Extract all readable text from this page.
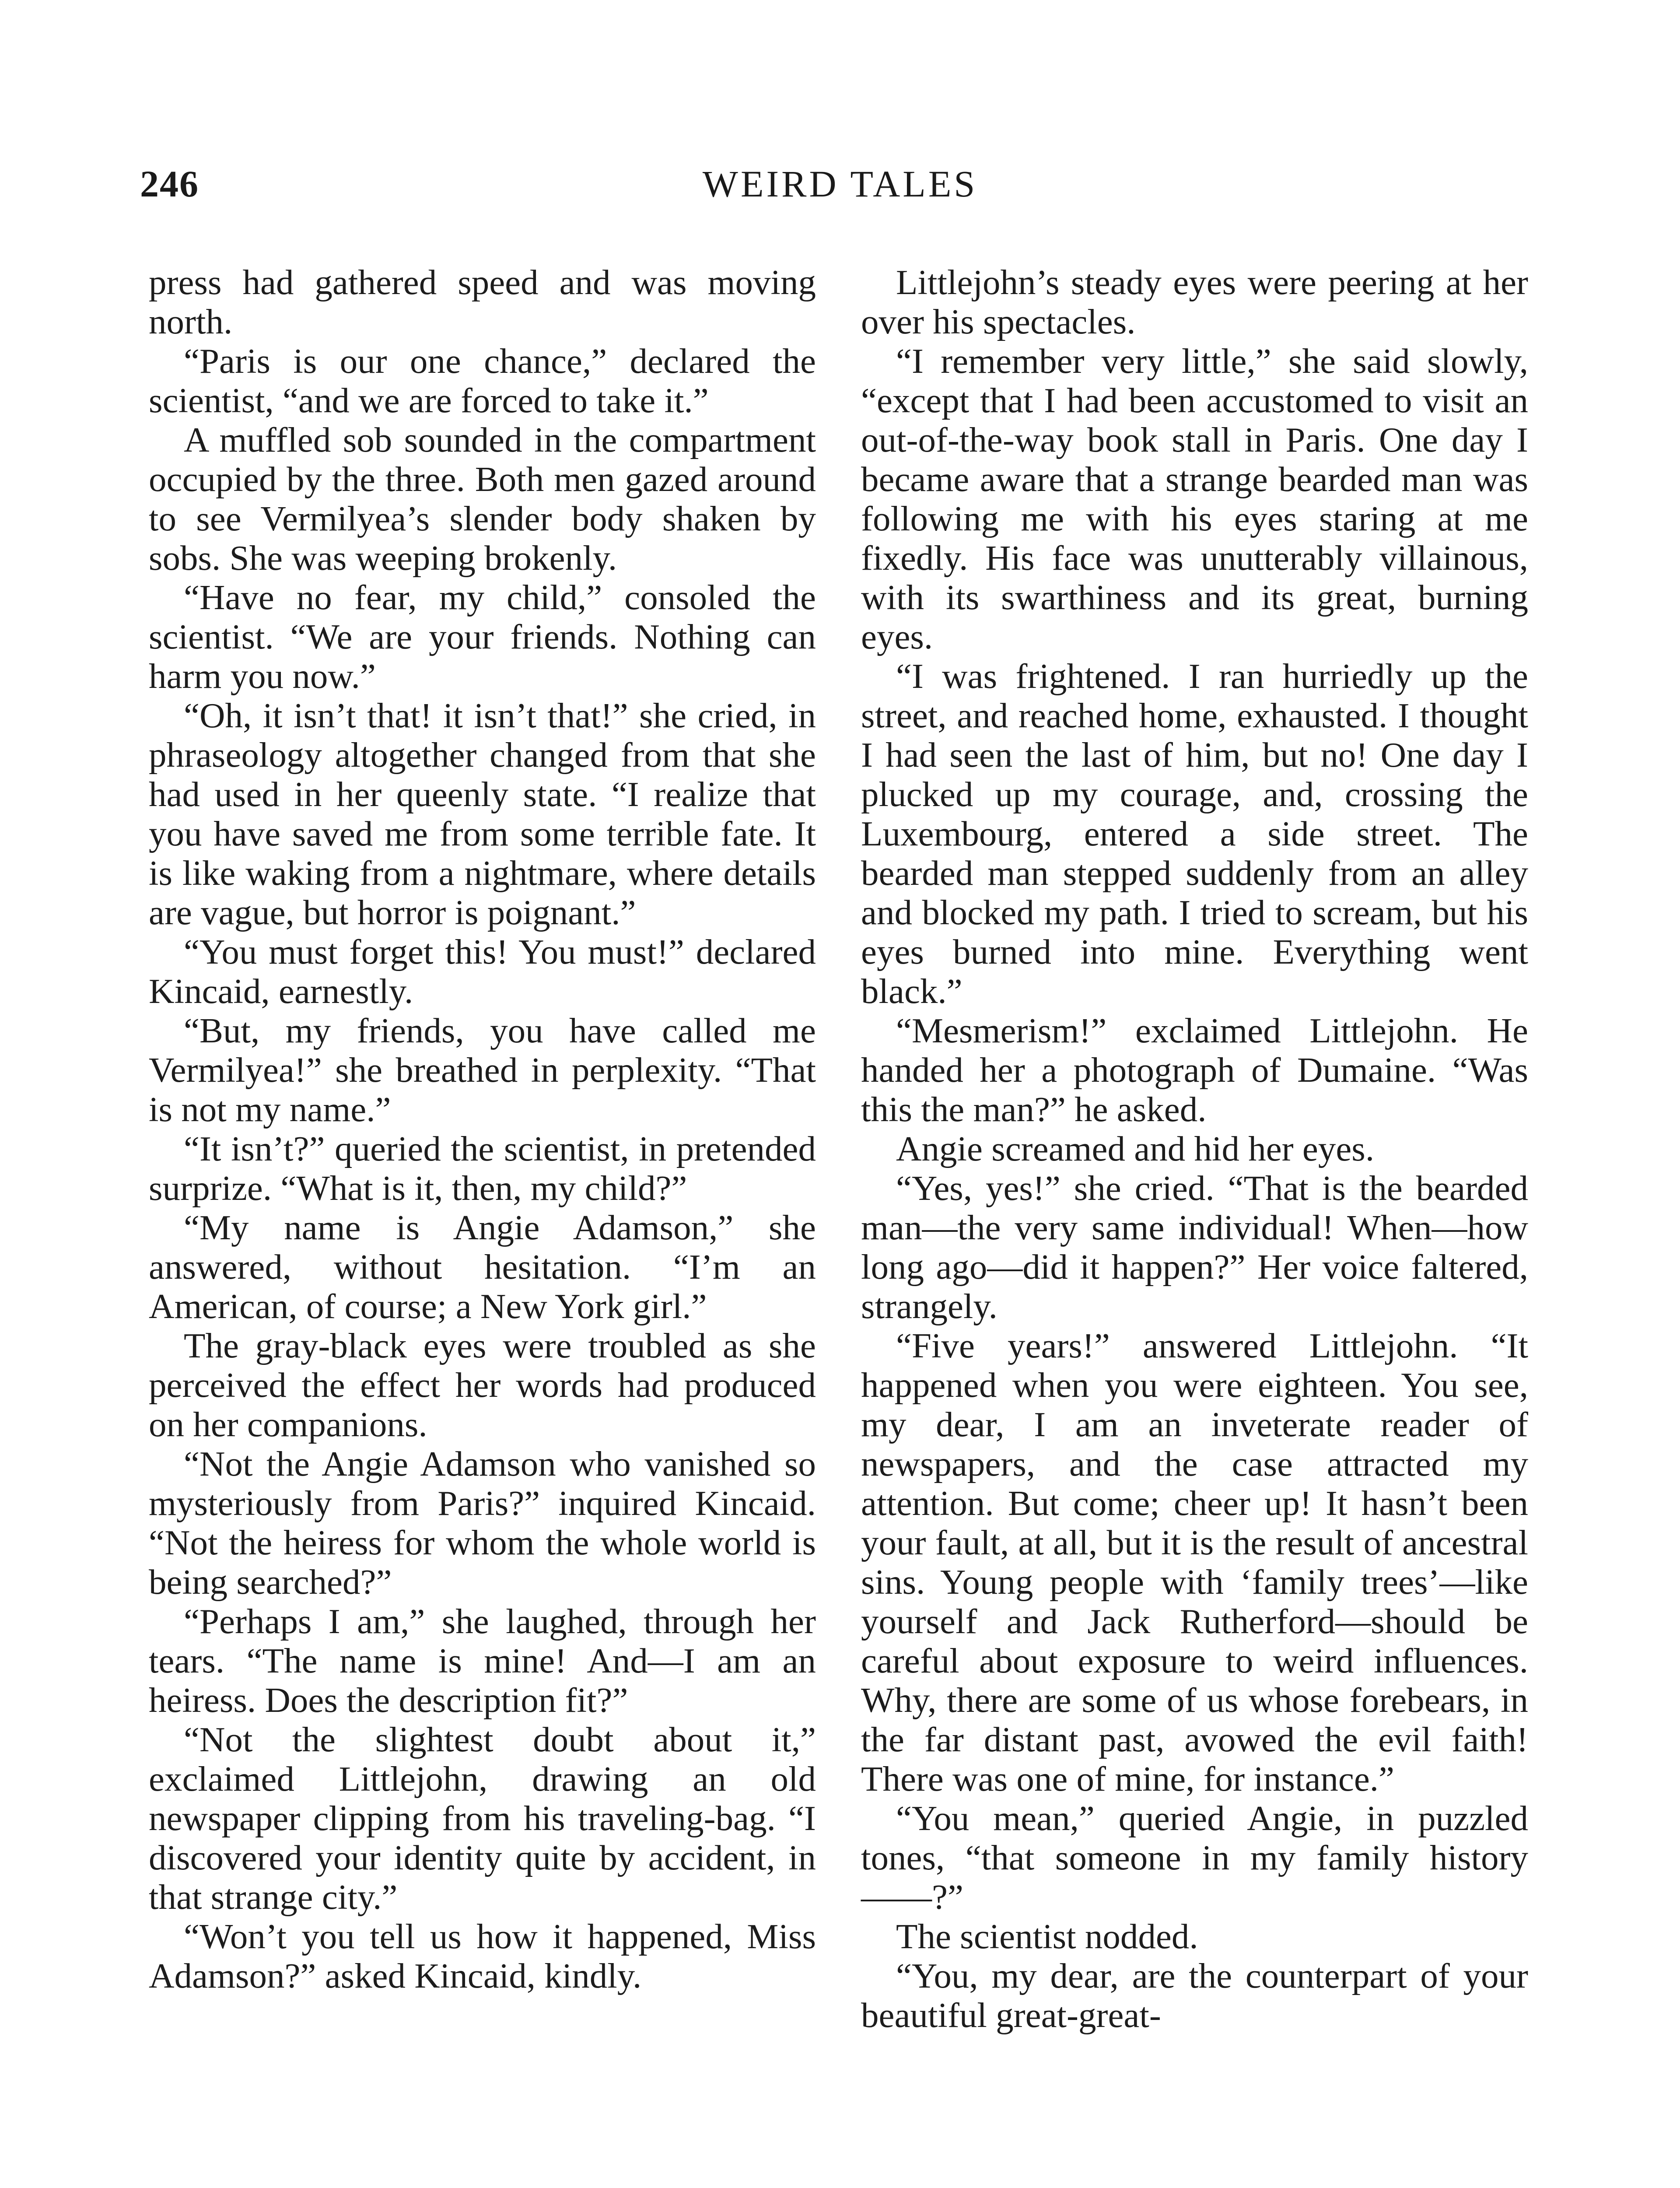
246	WEIRD TALES

press had gathered speed and was moving north.

“Paris is our one chance,” declared the scientist, “and we are forced to take it.”

A muffled sob sounded in the compartment occupied by the three. Both men gazed around to see Vermilyea’s slender body shaken by sobs. She was weeping brokenly.

“Have no fear, my child,” consoled the scientist. “We are your friends. Nothing can harm you now.”

“Oh, it isn’t that! it isn’t that!” she cried, in phraseology altogether changed from that she had used in her queenly state. “I realize that you have saved me from some terrible fate. It is like waking from a nightmare, where details are vague, but horror is poignant.”

“You must forget this! You must!” declared Kincaid, earnestly.

“But, my friends, you have called me Vermilyea!” she breathed in perplexity. “That is not my name.”

“It isn’t?” queried the scientist, in pretended surprize. “What is it, then, my child?”

“My name is Angie Adamson,” she answered, without hesitation. “I’m an American, of course; a New York girl.”

The gray-black eyes were troubled as she perceived the effect her words had produced on her companions.

“Not the Angie Adamson who vanished so mysteriously from Paris?” inquired Kincaid. “Not the heiress for whom the whole world is being searched?”

“Perhaps I am,” she laughed, through her tears. “The name is mine! And—I am an heiress. Does the description fit?”

“Not the slightest doubt about it,” exclaimed Littlejohn, drawing an old newspaper clipping from his traveling-bag. “I discovered your identity quite by accident, in that strange city.”

“Won’t you tell us how it happened, Miss Adamson?” asked Kincaid, kindly.

Littlejohn’s steady eyes were peering at her over his spectacles.

“I remember very little,” she said slowly, “except that I had been accustomed to visit an out-of-the-way book stall in Paris. One day I became aware that a strange bearded man was following me with his eyes staring at me fixedly. His face was unutterably villainous, with its swarthiness and its great, burning eyes.

“I was frightened. I ran hurriedly up the street, and reached home, exhausted. I thought I had seen the last of him, but no! One day I plucked up my courage, and, crossing the Luxembourg, entered a side street. The bearded man stepped suddenly from an alley and blocked my path. I tried to scream, but his eyes burned into mine. Everything went black.”

“Mesmerism!” exclaimed Littlejohn. He handed her a photograph of Dumaine. “Was this the man?” he asked.

Angie screamed and hid her eyes.

“Yes, yes!” she cried. “That is the bearded man—the very same individual! When—how long ago—did it happen?” Her voice faltered, strangely.

“Five years!” answered Littlejohn. “It happened when you were eighteen. You see, my dear, I am an inveterate reader of newspapers, and the case attracted my attention. But come; cheer up! It hasn’t been your fault, at all, but it is the result of ancestral sins. Young people with ‘family trees’—like yourself and Jack Rutherford—should be careful about exposure to weird influences. Why, there are some of us whose forebears, in the far distant past, avowed the evil faith! There was one of mine, for instance.”

“You mean,” queried Angie, in puzzled tones, “that someone in my family history——?”

The scientist nodded.

“You, my dear, are the counterpart of your beautiful great-great-
